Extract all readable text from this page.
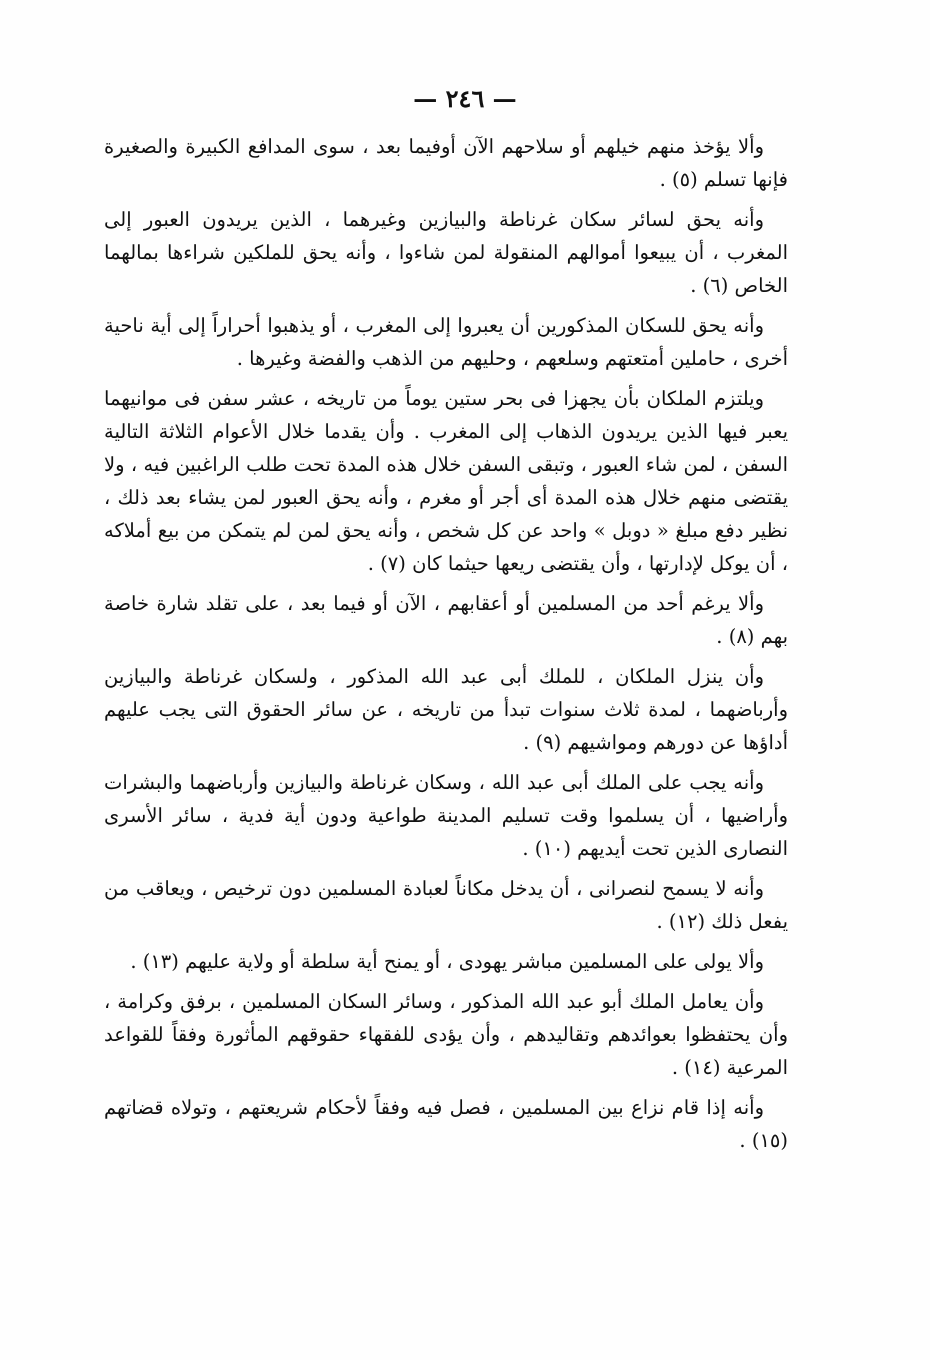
— ٢٤٦ —

وألا يؤخذ منهم خيلهم أو سلاحهم الآن أوفيما بعد ، سوى المدافع الكبيرة والصغيرة فإنها تسلم (٥) .

وأنه يحق لسائر سكان غرناطة والبيازين وغيرهما ، الذين يريدون العبور إلى المغرب ، أن يبيعوا أموالهم المنقولة لمن شاءوا ، وأنه يحق للملكين شراءها بمالهما الخاص (٦) .

وأنه يحق للسكان المذكورين أن يعبروا إلى المغرب ، أو يذهبوا أحراراً إلى أية ناحية أخرى ، حاملين أمتعتهم وسلعهم ، وحليهم من الذهب والفضة وغيرها .

ويلتزم الملكان بأن يجهزا فى بحر ستين يوماً من تاريخه ، عشر سفن فى موانيهما يعبر فيها الذين يريدون الذهاب إلى المغرب . وأن يقدما خلال الأعوام الثلاثة التالية السفن ، لمن شاء العبور ، وتبقى السفن خلال هذه المدة تحت طلب الراغبين فيه ، ولا يقتضى منهم خلال هذه المدة أى أجر أو مغرم ، وأنه يحق العبور لمن يشاء بعد ذلك ، نظير دفع مبلغ « دوبل » واحد عن كل شخص ، وأنه يحق لمن لم يتمكن من بيع أملاكه ، أن يوكل لإدارتها ، وأن يقتضى ريعها حيثما كان (٧) .

وألا يرغم أحد من المسلمين أو أعقابهم ، الآن أو فيما بعد ، على تقلد شارة خاصة بهم (٨) .

وأن ينزل الملكان ، للملك أبى عبد الله المذكور ، ولسكان غرناطة والبيازين وأرباضهما ، لمدة ثلاث سنوات تبدأ من تاريخه ، عن سائر الحقوق التى يجب عليهم أداؤها عن دورهم ومواشيهم (٩) .

وأنه يجب على الملك أبى عبد الله ، وسكان غرناطة والبيازين وأرباضهما والبشرات وأراضيها ، أن يسلموا وقت تسليم المدينة طواعية ودون أية فدية ، سائر الأسرى النصارى الذين تحت أيديهم (١٠) .

وأنه لا يسمح لنصرانى ، أن يدخل مكاناً لعبادة المسلمين دون ترخيص ، ويعاقب من يفعل ذلك (١٢) .

وألا يولى على المسلمين مباشر يهودى ، أو يمنح أية سلطة أو ولاية عليهم (١٣) .

وأن يعامل الملك أبو عبد الله المذكور ، وسائر السكان المسلمين ، برفق وكرامة ، وأن يحتفظوا بعوائدهم وتقاليدهم ، وأن يؤدى للفقهاء حقوقهم المأثورة وفقاً للقواعد المرعية (١٤) .

وأنه إذا قام نزاع بين المسلمين ، فصل فيه وفقاً لأحكام شريعتهم ، وتولاه قضاتهم (١٥) .
